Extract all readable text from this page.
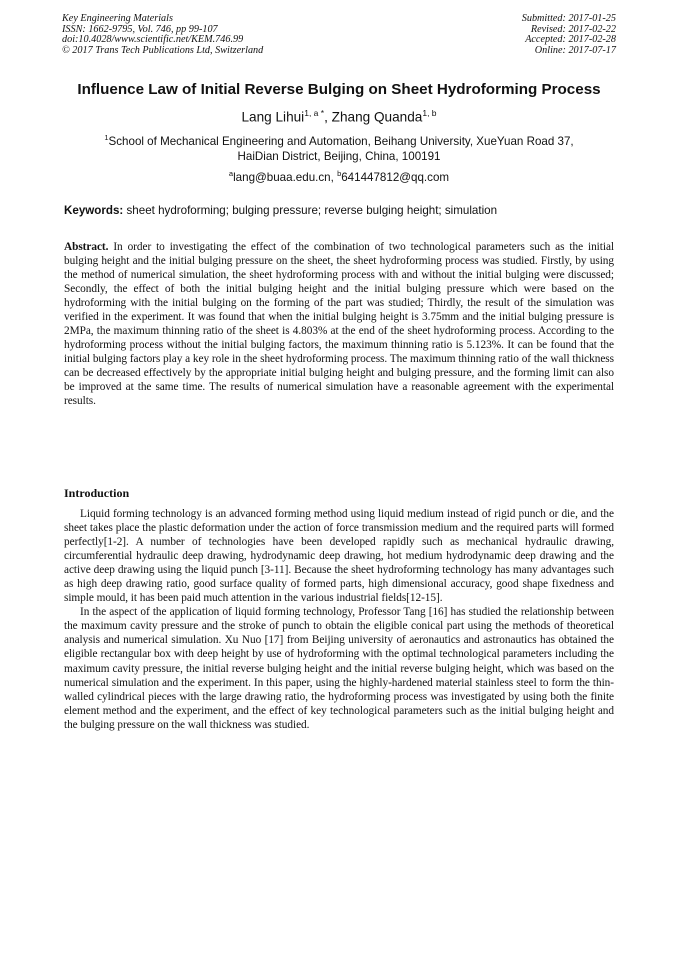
Key Engineering Materials
ISSN: 1662-9795, Vol. 746, pp 99-107
doi:10.4028/www.scientific.net/KEM.746.99
© 2017 Trans Tech Publications Ltd, Switzerland
Submitted: 2017-01-25
Revised: 2017-02-22
Accepted: 2017-02-28
Online: 2017-07-17
Influence Law of Initial Reverse Bulging on Sheet Hydroforming Process
Lang Lihui$^{1, a *}$, Zhang Quanda$^{1, b}$
$^1$School of Mechanical Engineering and Automation, Beihang University, XueYuan Road 37,
HaiDian District, Beijing, China, 100191
$^a$lang@buaa.edu.cn, $^b$641447812@qq.com
Keywords: sheet hydroforming; bulging pressure; reverse bulging height; simulation
Abstract. In order to investigating the effect of the combination of two technological parameters such as the initial bulging height and the initial bulging pressure on the sheet, the sheet hydroforming process was studied. Firstly, by using the method of numerical simulation, the sheet hydroforming process with and without the initial bulging were discussed; Secondly, the effect of both the initial bulging height and the initial bulging pressure which were based on the hydroforming with the initial bulging on the forming of the part was studied; Thirdly, the result of the simulation was verified in the experiment. It was found that when the initial bulging height is 3.75mm and the initial bulging pressure is 2MPa, the maximum thinning ratio of the sheet is 4.803% at the end of the sheet hydroforming process. According to the hydroforming process without the initial bulging factors, the maximum thinning ratio is 5.123%. It can be found that the initial bulging factors play a key role in the sheet hydroforming process. The maximum thinning ratio of the wall thickness can be decreased effectively by the appropriate initial bulging height and bulging pressure, and the forming limit can also be improved at the same time. The results of numerical simulation have a reasonable agreement with the experimental results.
Introduction

Liquid forming technology is an advanced forming method using liquid medium instead of rigid punch or die, and the sheet takes place the plastic deformation under the action of force transmission medium and the required parts will formed perfectly[1-2]. A number of technologies have been developed rapidly such as mechanical hydraulic drawing, circumferential hydraulic deep drawing, hydrodynamic deep drawing, hot medium hydrodynamic deep drawing and the active deep drawing using the liquid punch [3-11]. Because the sheet hydroforming technology has many advantages such as high deep drawing ratio, good surface quality of formed parts, high dimensional accuracy, good shape fixedness and simple mould, it has been paid much attention in the various industrial fields[12-15].

In the aspect of the application of liquid forming technology, Professor Tang [16] has studied the relationship between the maximum cavity pressure and the stroke of punch to obtain the eligible conical part using the methods of theoretical analysis and numerical simulation. Xu Nuo [17] from Beijing university of aeronautics and astronautics has obtained the eligible rectangular box with deep height by use of hydroforming with the optimal technological parameters including the maximum cavity pressure, the initial reverse bulging height and the initial reverse bulging height, which was based on the numerical simulation and the experiment. In this paper, using the highly-hardened material stainless steel to form the thin-walled cylindrical pieces with the large drawing ratio, the hydroforming process was investigated by using both the finite element method and the experiment, and the effect of key technological parameters such as the initial bulging height and the bulging pressure on the wall thickness was studied.
